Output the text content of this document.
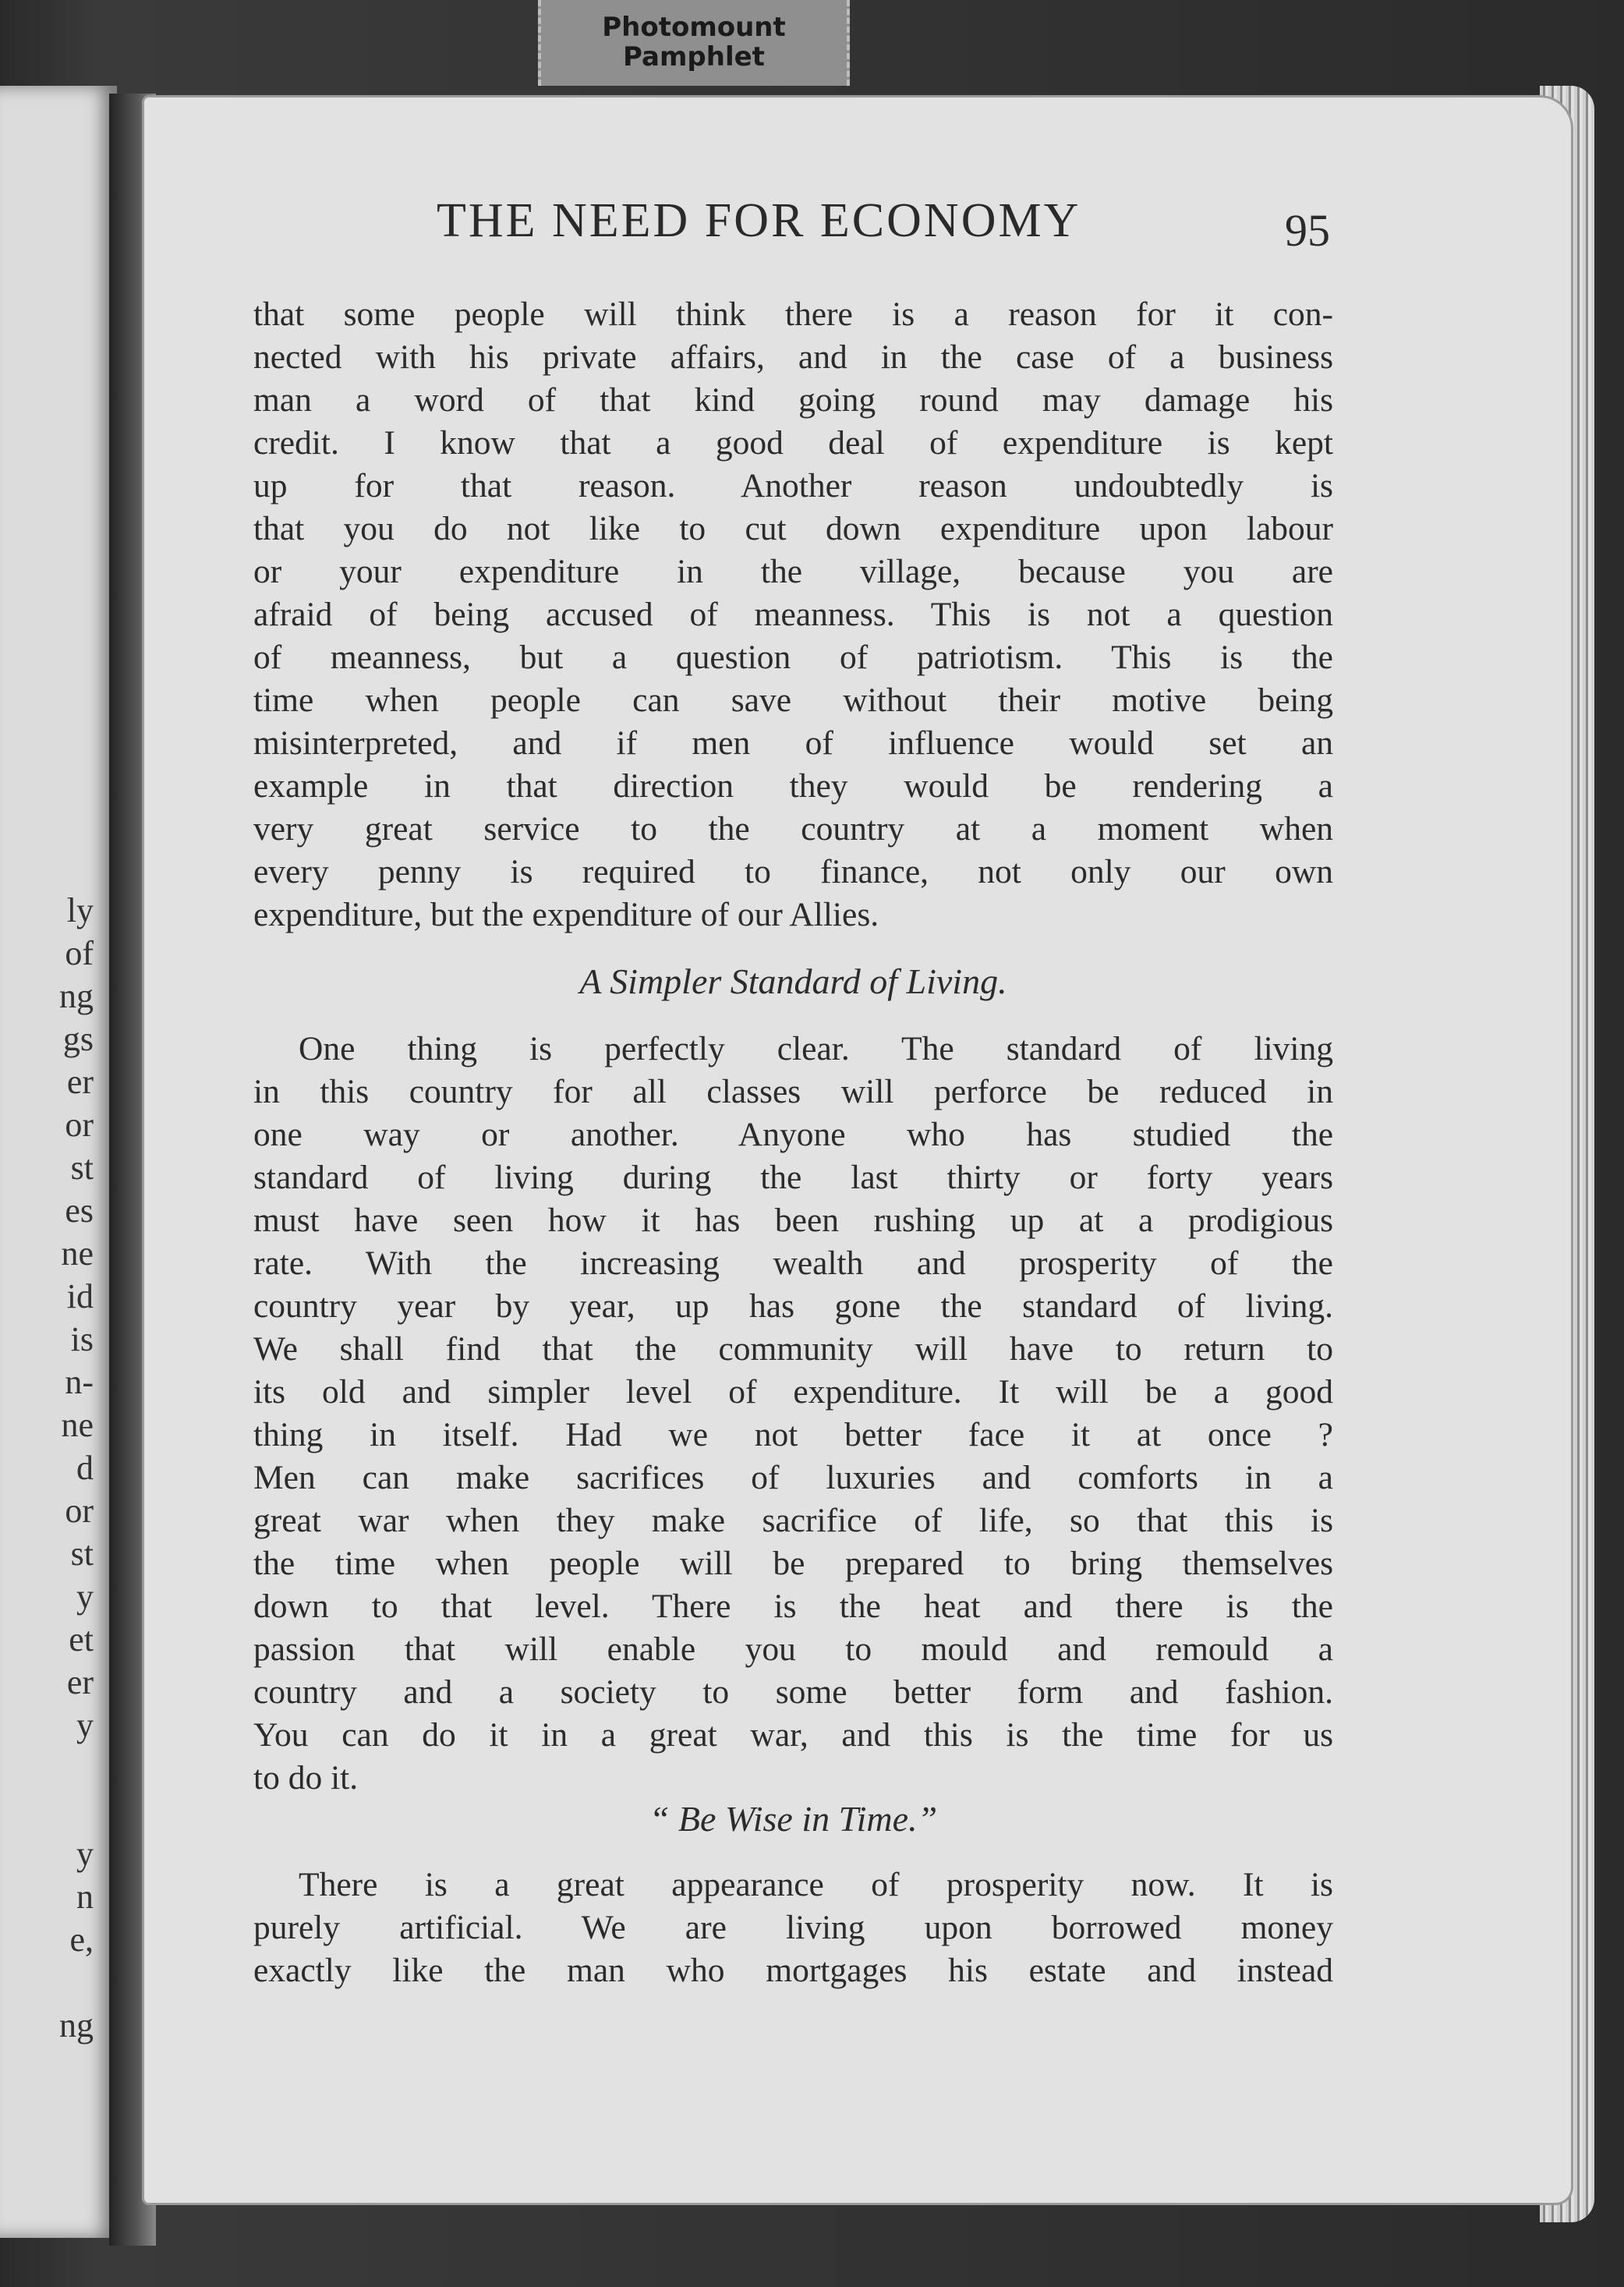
Photomount
Pamphlet
ly
of
ng
gs
er
or
st
es
ne
id
is
n-
ne
d
or
st
y
et
er
y
y
n
e,
ng
THE NEED FOR ECONOMY	95
that some people will think there is a reason for it con-
nected with his private affairs, and in the case of a business
man a word of that kind going round may damage his
credit. I know that a good deal of expenditure is kept
up for that reason. Another reason undoubtedly is
that you do not like to cut down expenditure upon labour
or your expenditure in the village, because you are
afraid of being accused of meanness. This is not a question
of meanness, but a question of patriotism. This is the
time when people can save without their motive being
misinterpreted, and if men of influence would set an
example in that direction they would be rendering a
very great service to the country at a moment when
every penny is required to finance, not only our own
expenditure, but the expenditure of our Allies.
A Simpler Standard of Living.
One thing is perfectly clear. The standard of living
in this country for all classes will perforce be reduced in
one way or another. Anyone who has studied the
standard of living during the last thirty or forty years
must have seen how it has been rushing up at a prodigious
rate. With the increasing wealth and prosperity of the
country year by year, up has gone the standard of living.
We shall find that the community will have to return to
its old and simpler level of expenditure. It will be a good
thing in itself. Had we not better face it at once ?
Men can make sacrifices of luxuries and comforts in a
great war when they make sacrifice of life, so that this is
the time when people will be prepared to bring themselves
down to that level. There is the heat and there is the
passion that will enable you to mould and remould a
country and a society to some better form and fashion.
You can do it in a great war, and this is the time for us
to do it.
“ Be Wise in Time.”
There is a great appearance of prosperity now. It is
purely artificial. We are living upon borrowed money
exactly like the man who mortgages his estate and instead
